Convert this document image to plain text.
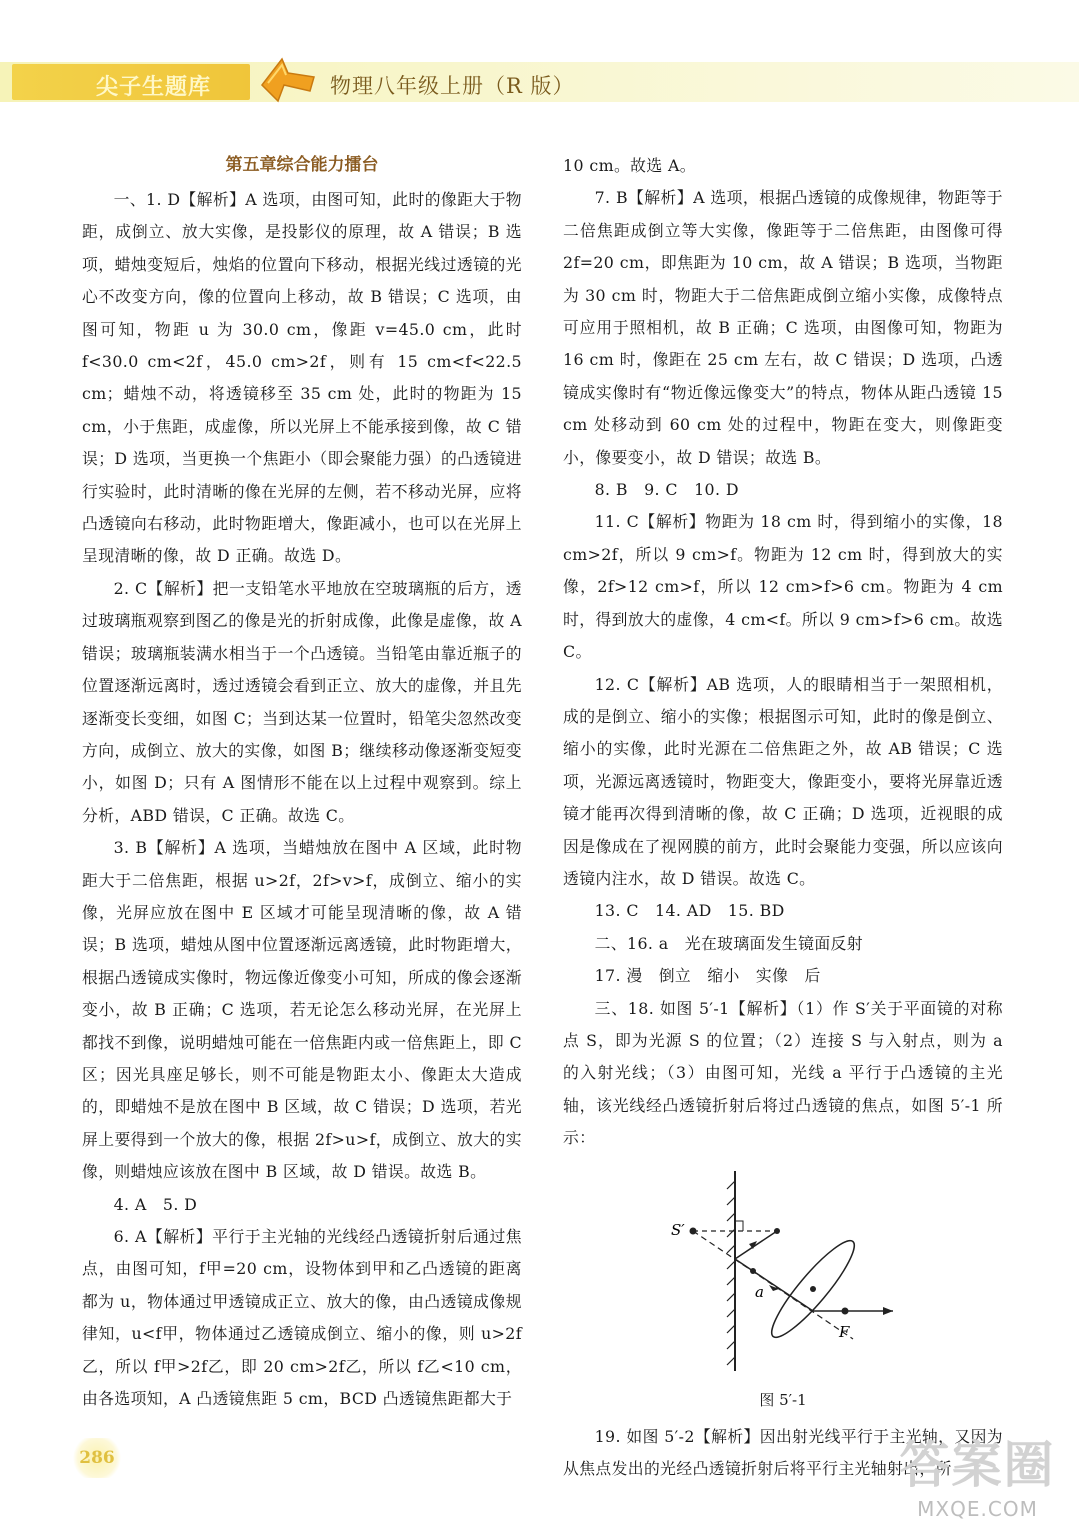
尖子生题库	物理八年级上册（R 版）
第五章综合能力擂台

一、1. D【解析】A 选项，由图可知，此时的像距大于物距，成倒立、放大实像，是投影仪的原理，故 A 错误；B 选项，蜡烛变短后，烛焰的位置向下移动，根据光线过透镜的光心不改变方向，像的位置向上移动，故 B 错误；C 选项，由图可知，物距 u 为 30.0 cm，像距 v=45.0 cm，此时 f<30.0 cm<2f，45.0 cm>2f，则有 15 cm<f<22.5 cm；蜡烛不动，将透镜移至 35 cm 处，此时的物距为 15 cm，小于焦距，成虚像，所以光屏上不能承接到像，故 C 错误；D 选项，当更换一个焦距小（即会聚能力强）的凸透镜进行实验时，此时清晰的像在光屏的左侧，若不移动光屏，应将凸透镜向右移动，此时物距增大，像距减小，也可以在光屏上呈现清晰的像，故 D 正确。故选 D。

2. C【解析】把一支铅笔水平地放在空玻璃瓶的后方，透过玻璃瓶观察到图乙的像是光的折射成像，此像是虚像，故 A 错误；玻璃瓶装满水相当于一个凸透镜。当铅笔由靠近瓶子的位置逐渐远离时，透过透镜会看到正立、放大的虚像，并且先逐渐变长变细，如图 C；当到达某一位置时，铅笔尖忽然改变方向，成倒立、放大的实像，如图 B；继续移动像逐渐变短变小，如图 D；只有 A 图情形不能在以上过程中观察到。综上分析，ABD 错误，C 正确。故选 C。

3. B【解析】A 选项，当蜡烛放在图中 A 区域，此时物距大于二倍焦距，根据 u>2f，2f>v>f，成倒立、缩小的实像，光屏应放在图中 E 区域才可能呈现清晰的像，故 A 错误；B 选项，蜡烛从图中位置逐渐远离透镜，此时物距增大，根据凸透镜成实像时，物远像近像变小可知，所成的像会逐渐变小，故 B 正确；C 选项，若无论怎么移动光屏，在光屏上都找不到像，说明蜡烛可能在一倍焦距内或一倍焦距上，即 C 区；因光具座足够长，则不可能是物距太小、像距太大造成的，即蜡烛不是放在图中 B 区域，故 C 错误；D 选项，若光屏上要得到一个放大的像，根据 2f>u>f，成倒立、放大的实像，则蜡烛应该放在图中 B 区域，故 D 错误。故选 B。

4. A　5. D

6. A【解析】平行于主光轴的光线经凸透镜折射后通过焦点，由图可知，f甲=20 cm，设物体到甲和乙凸透镜的距离都为 u，物体通过甲透镜成正立、放大的像，由凸透镜成像规律知，u<f甲，物体通过乙透镜成倒立、缩小的像，则 u>2f乙，所以 f甲>2f乙，即 20 cm>2f乙，所以 f乙<10 cm，由各选项知，A 凸透镜焦距 5 cm，BCD 凸透镜焦距都大于

10 cm。故选 A。

7. B【解析】A 选项，根据凸透镜的成像规律，物距等于二倍焦距成倒立等大实像，像距等于二倍焦距，由图像可得 2f=20 cm，即焦距为 10 cm，故 A 错误；B 选项，当物距为 30 cm 时，物距大于二倍焦距成倒立缩小实像，成像特点可应用于照相机，故 B 正确；C 选项，由图像可知，物距为 16 cm 时，像距在 25 cm 左右，故 C 错误；D 选项，凸透镜成实像时有“物近像远像变大”的特点，物体从距凸透镜 15 cm 处移动到 60 cm 处的过程中，物距在变大，则像距变小，像要变小，故 D 错误；故选 B。

8. B　9. C　10. D

11. C【解析】物距为 18 cm 时，得到缩小的实像，18 cm>2f，所以 9 cm>f。物距为 12 cm 时，得到放大的实像，2f>12 cm>f，所以 12 cm>f>6 cm。物距为 4 cm 时，得到放大的虚像，4 cm<f。所以 9 cm>f>6 cm。故选 C。

12. C【解析】AB 选项，人的眼睛相当于一架照相机，成的是倒立、缩小的实像；根据图示可知，此时的像是倒立、缩小的实像，此时光源在二倍焦距之外，故 AB 错误；C 选项，光源远离透镜时，物距变大，像距变小，要将光屏靠近透镜才能再次得到清晰的像，故 C 正确；D 选项，近视眼的成因是像成在了视网膜的前方，此时会聚能力变强，所以应该向透镜内注水，故 D 错误。故选 C。

13. C　14. AD　15. BD

二、16. a　光在玻璃面发生镜面反射

17. 漫　倒立　缩小　实像　后

三、18. 如图 5′-1【解析】（1）作 S′关于平面镜的对称点 S，即为光源 S 的位置；（2）连接 S 与入射点，则为 a 的入射光线；（3）由图可知，光线 a 平行于凸透镜的主光轴，该光线经凸透镜折射后将过凸透镜的焦点，如图 5′-1 所示：

S′
a
F
图 5′-1

19. 如图 5′-2【解析】因出射光线平行于主光轴，又因为从焦点发出的光经凸透镜折射后将平行主光轴射出，所

286	答案圈
MXQE.COM
